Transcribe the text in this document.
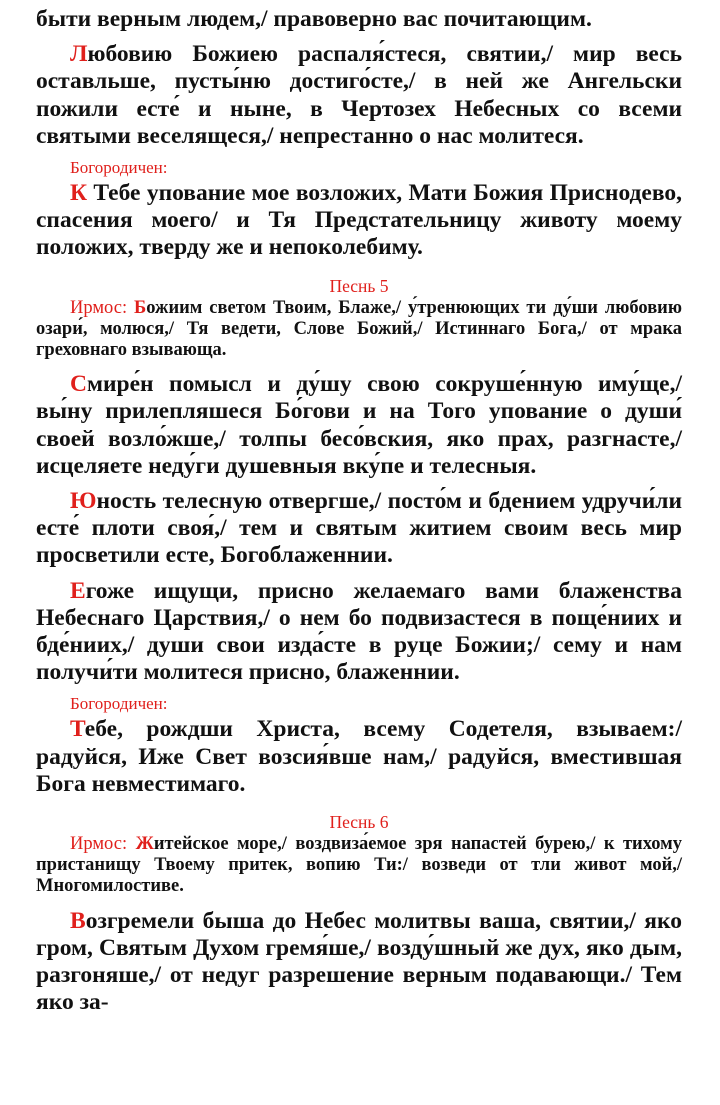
быти верным людем,/ правоверно вас почитающим.

Любовию Божиею распаля́стеся, святии,/ мир весь оставльше, пусты́ню достиго́сте,/ в ней же Ангельски пожили есте́ и ныне, в Чертозех Небесных со всеми святыми веселящеся,/ непрестанно о нас молитеся.

Богородичен:

К Тебе упование мое возложих, Мати Божия Приснодево, спасения моего/ и Тя Предстательницу животу моему положих, тверду же и непоколебиму.

Песнь 5

Ирмос: Божиим светом Твоим, Блаже,/ у́тренюющих ти ду́ши любовию озари́, молюся,/ Тя ведети, Слове Божий,/ Истиннаго Бога,/ от мрака греховнаго взывающа.

Смире́н помысл и ду́шу свою сокруше́нную иму́ще,/ вы́ну прилепляшеся Бо́гови и на Того упование о души́ своей возло́жше,/ толпы бесо́вския, яко прах, разгнасте,/ исцеляете неду́ги душевныя вку́пе и телесныя.

Юность телесную отвергше,/ посто́м и бдением удручи́ли есте́ плоти своя́,/ тем и святым житием своим весь мир просветили есте, Богоблаженнии.

Егоже ищущи, присно желаемаго вами блаженства Небеснаго Царствия,/ о нем бо подвизастеся в поще́ниих и бде́ниих,/ души свои изда́сте в руце Божии;/ сему и нам получи́ти молитеся присно, блаженнии.

Богородичен:

Тебе, рождши Христа, всему Содетеля, взываем:/ радуйся, Иже Свет возсия́вше нам,/ радуйся, вместившая Бога невместимаго.

Песнь 6

Ирмос: Житейское море,/ воздвиза́емое зря напастей бурею,/ к тихому пристанищу Твоему притек, вопию Ти:/ возведи от тли живот мой,/ Многомилостиве.

Возгремели быша до Небес молитвы ваша, святии,/ яко гром, Святым Духом гремя́ше,/ возду́шный же дух, яко дым, разгоняше,/ от недуг разрешение верным подавающи./ Тем яко за-
